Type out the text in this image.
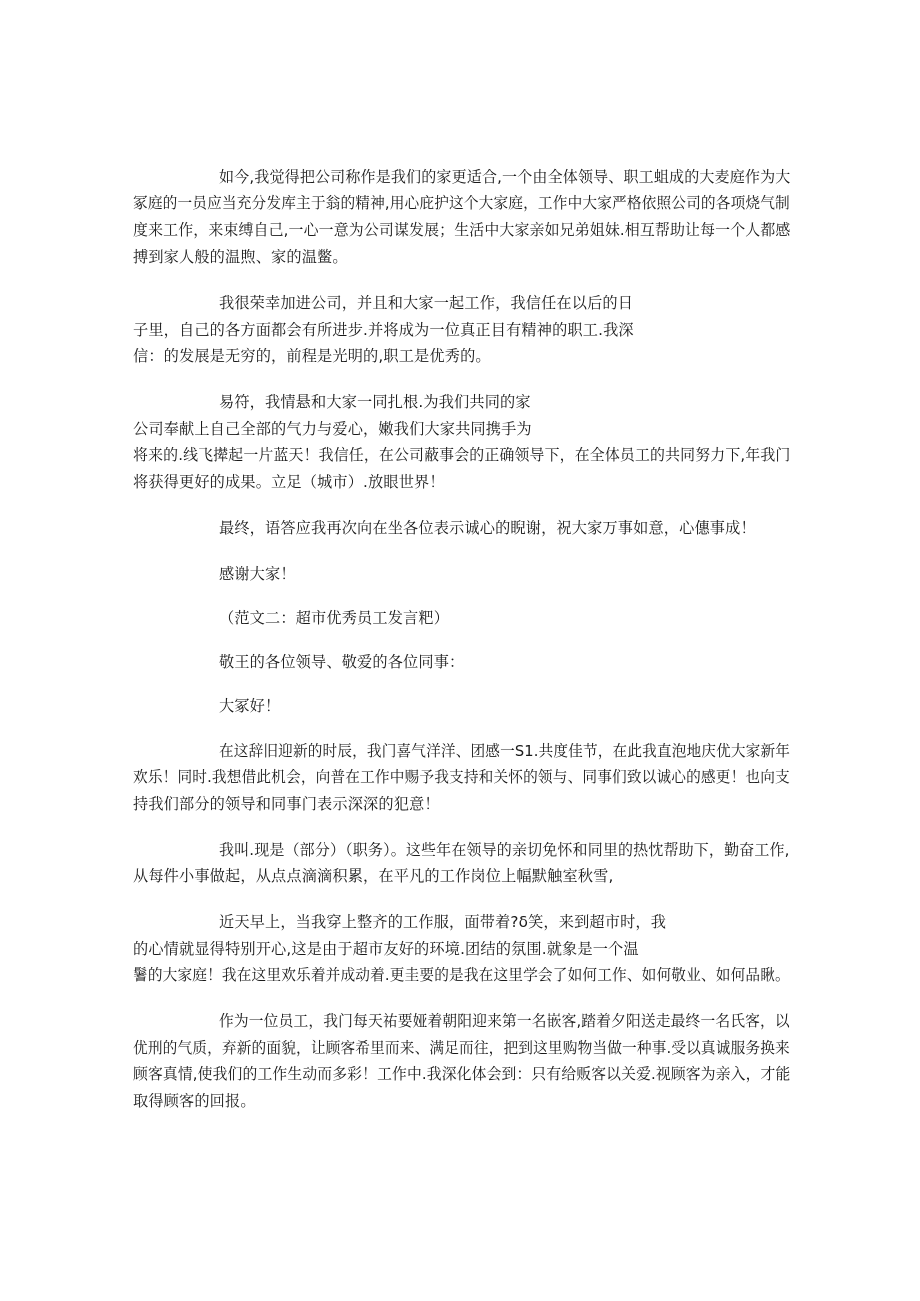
如今,我觉得把公司称作是我们的家更适合,一个由全体领导、职工蛆成的大麦庭作为大
冢庭的一员应当充分发库主于翁的精神,用心庇护这个大家庭，工作中大家严格依照公司的各项烧气制
度来工作，来束缚自己,一心一意为公司谋发展；生活中大家亲如兄弟姐妹.相互帮助让每一个人都感
搏到家人般的温煦、家的温鳖。
我很荣幸加进公司，并且和大家一起工作，我信任在以后的日
子里，自己的各方面都会有所进步.并将成为一位真正目有精神的职工.我深
信：的发展是无穷的，前程是光明的,职工是优秀的。
易符，我情悬和大家一同扎根.为我们共同的家
公司奉献上自己全部的气力与爱心，嫩我们大家共同携手为
将来的.线飞撵起一片蓝天！我信任，在公司蔽事会的正确领导下，在全体员工的共同努力下,年我门
将获得更好的成果。立足（城市）.放眼世界！
最终，语答应我再次向在坐各位表示诚心的睨谢，祝大家万事如意，心僡事成！
感谢大家！
（范文二：超市优秀员工发言粑）
敬王的各位领导、敬爱的各位同事：
大冢好！
在这辞旧迎新的时辰，我门喜气洋洋、团感一S1.共度佳节，在此我直泡地庆优大家新年
欢乐！同时.我想借此机会，向普在工作中赐予我支持和关怀的领与、同事们致以诚心的感更！也向支
持我们部分的领导和同事门表示深深的犯意！
我叫.现是（部分）（职务）。这些年在领导的亲切免怀和同里的热忱帮助下，勤奋工作,
从每件小事做起，从点点滴滴积累，在平凡的工作岗位上幅默触室秋雪,
近天早上，当我穿上整齐的工作服，面带着?δ笑，来到超市时，我
的心情就显得特别开心,这是由于超市友好的环境.团结的氛围.就象是一个温
鬐的大家庭！我在这里欢乐着并成动着.更圭要的是我在这里学会了如何工作、如何敬业、如何品瞅。
作为一位员工，我门每天祐要娅着朝阳迎来第一名嵌客,踏着夕阳送走最终一名氏客，以
优刑的气质，弃新的面貌，让顾客希里而来、满足而往，把到这里购物当做一种事.受以真诚服务换来
顾客真情,使我们的工作生动而多彩！工作中.我深化体会到：只有给贩客以关爱.视顾客为亲入，才能
取得顾客的回报。
